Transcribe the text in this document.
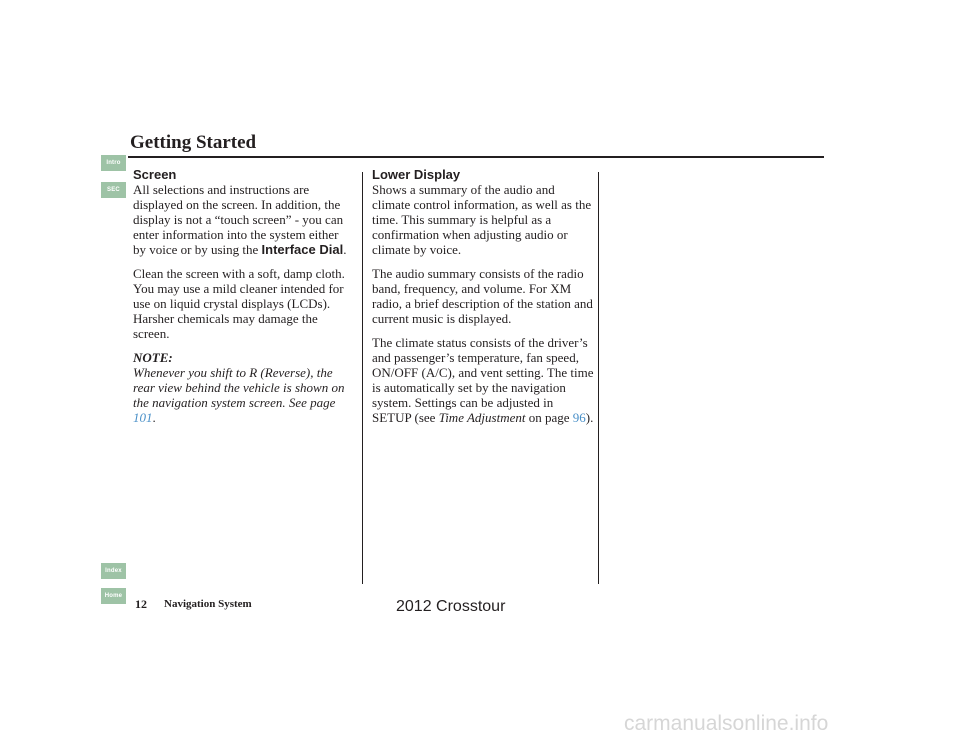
Getting Started
Intro
SEC
Index
Home
Screen

All selections and instructions are displayed on the screen. In addition, the display is not a “touch screen” - you can enter information into the system either by voice or by using the Interface Dial.

Clean the screen with a soft, damp cloth. You may use a mild cleaner intended for use on liquid crystal displays (LCDs). Harsher chemicals may damage the screen.

NOTE:

Whenever you shift to R (Reverse), the rear view behind the vehicle is shown on the navigation system screen. See page 101.

Lower Display

Shows a summary of the audio and climate control information, as well as the time. This summary is helpful as a confirmation when adjusting audio or climate by voice.

The audio summary consists of the radio band, frequency, and volume. For XM radio, a brief description of the station and current music is displayed.

The climate status consists of the driver’s and passenger’s temperature, fan speed, ON/OFF (A/C), and vent setting. The time is automatically set by the navigation system. Settings can be adjusted in SETUP (see Time Adjustment on page 96).

12 Navigation System	2012 Crosstour
carmanualsonline.info
